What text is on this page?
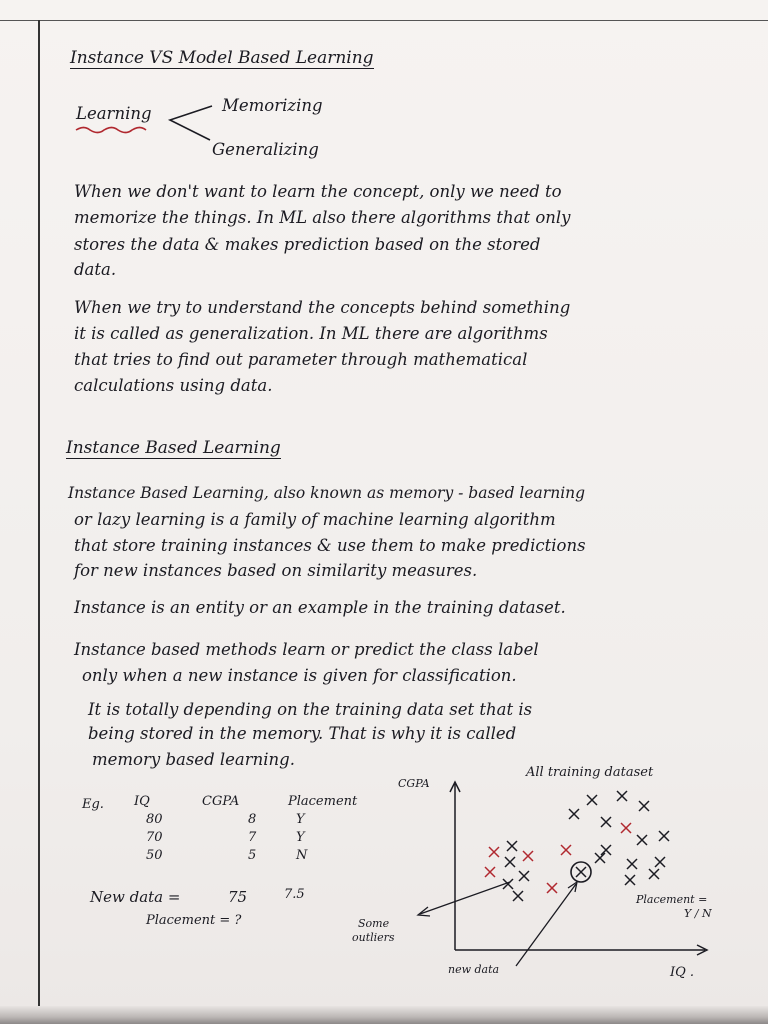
Instance VS Model Based Learning
Learning	Memorizing
Generalizing
When we don't want to learn the concept, only we need to
memorize the things. In ML also there algorithms that only
stores the data & makes prediction based on the stored
data.
When we try to understand the concepts behind something
it is called as generalization. In ML there are algorithms
that tries to find out parameter through mathematical
calculations using data.
Instance Based Learning
Instance Based Learning, also known as memory - based learning
or lazy learning is a family of machine learning algorithm
that store training instances & use them to make predictions
for new instances based on similarity measures.
Instance is an entity or an example in the training dataset.
Instance based methods learn or predict the class label
only when a new instance is given for classification.
It is totally depending on the training data set that is
being stored in the memory. That is why it is called
memory based learning.
Eg. IQ	CGPA	Placement
80	8	Y
70	7	Y
50	5	N
New data =	75	7.5
Placement = ?
CGPA
All training dataset
IQ .
Some
outliers
new data
Placement =
Y / N
